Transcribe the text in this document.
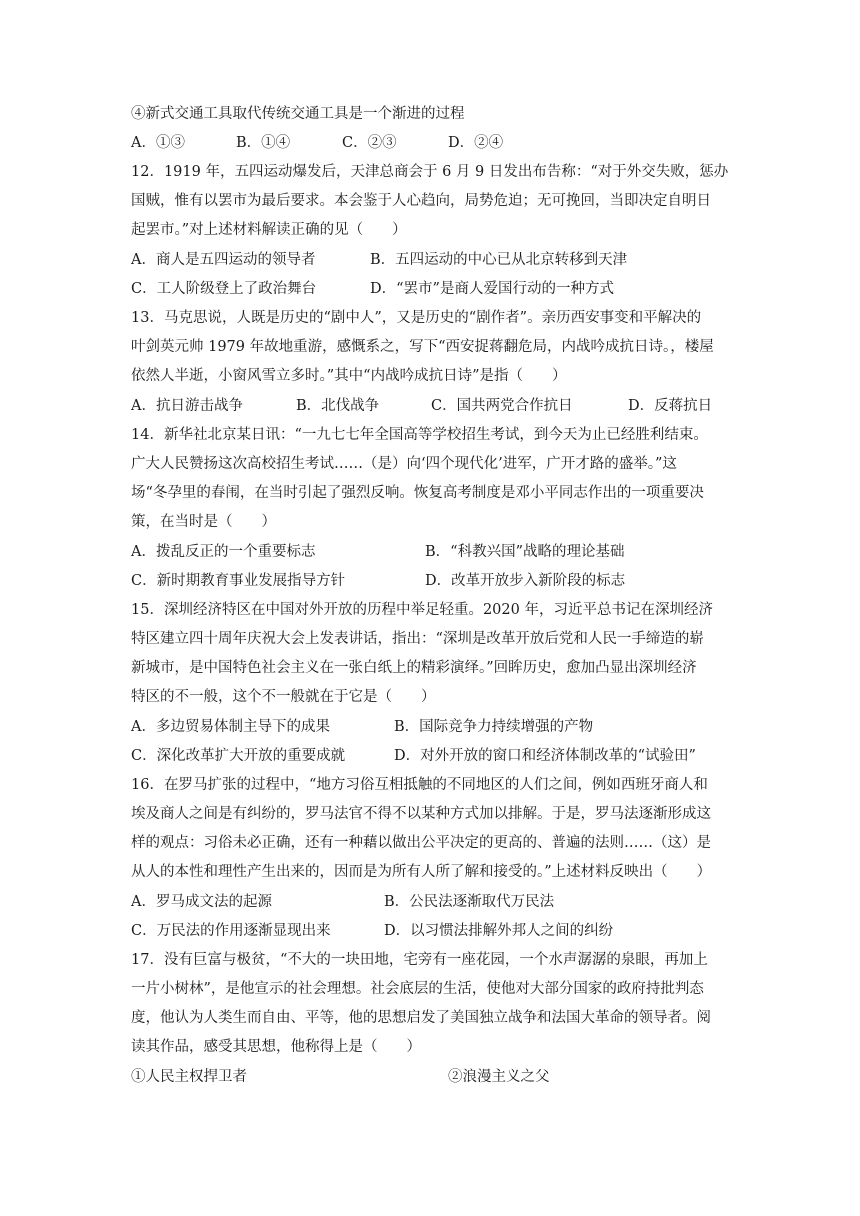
④新式交通工具取代传统交通工具是一个渐进的过程
A．①③	B．①④	C．②③	D．②④
12．1919 年，五四运动爆发后，天津总商会于 6 月 9 日发出布告称：“对于外交失败，惩办
国贼，惟有以罢市为最后要求。本会鉴于人心趋向，局势危迫；无可挽回，当即决定自明日
起罢市。”对上述材料解读正确的见（　　）
A．商人是五四运动的领导者	B．五四运动的中心已从北京转移到天津
C．工人阶级登上了政治舞台	D．“罢市”是商人爱国行动的一种方式
13．马克思说，人既是历史的“剧中人”，又是历史的“剧作者”。亲历西安事变和平解决的
叶剑英元帅 1979 年故地重游，感慨系之，写下“西安捉蒋翻危局，内战吟成抗日诗。，楼屋
依然人半逝，小窗风雪立多时。”其中“内战吟成抗日诗”是指（　　）
A．抗日游击战争	B．北伐战争	C．国共两党合作抗日	D．反蒋抗日
14．新华社北京某日讯：“一九七七年全国高等学校招生考试，到今天为止已经胜利结束。
广大人民赞扬这次高校招生考试……（是）向‘四个现代化’进军，广开才路的盛举。”这
场“冬孕里的春闱，在当时引起了强烈反响。恢复高考制度是邓小平同志作出的一项重要决
策，在当时是（　　）
A．拨乱反正的一个重要标志	B．“科教兴国”战略的理论基础
C．新时期教育事业发展指导方针	D．改革开放步入新阶段的标志
15．深圳经济特区在中国对外开放的历程中举足轻重。2020 年，习近平总书记在深圳经济
特区建立四十周年庆祝大会上发表讲话，指出：“深圳是改革开放后党和人民一手缔造的崭
新城市，是中国特色社会主义在一张白纸上的精彩演绎。”回眸历史，愈加凸显出深圳经济
特区的不一般，这个不一般就在于它是（　　）
A．多边贸易体制主导下的成果	B．国际竞争力持续增强的产物
C．深化改革扩大开放的重要成就	D．对外开放的窗口和经济体制改革的“试验田”
16．在罗马扩张的过程中，“地方习俗互相抵触的不同地区的人们之间，例如西班牙商人和
埃及商人之间是有纠纷的，罗马法官不得不以某种方式加以排解。于是，罗马法逐渐形成这
样的观点：习俗未必正确，还有一种藉以做出公平决定的更高的、普遍的法则……（这）是
从人的本性和理性产生出来的，因而是为所有人所了解和接受的。”上述材料反映出（　　）
A．罗马成文法的起源	B．公民法逐渐取代万民法
C．万民法的作用逐渐显现出来	D．以习惯法排解外邦人之间的纠纷
17．没有巨富与极贫，“不大的一块田地，宅旁有一座花园，一个水声潺潺的泉眼，再加上
一片小树林”，是他宣示的社会理想。社会底层的生活，使他对大部分国家的政府持批判态
度，他认为人类生而自由、平等，他的思想启发了美国独立战争和法国大革命的领导者。阅
读其作品，感受其思想，他称得上是（　　）
①人民主权捍卫者	②浪漫主义之父
